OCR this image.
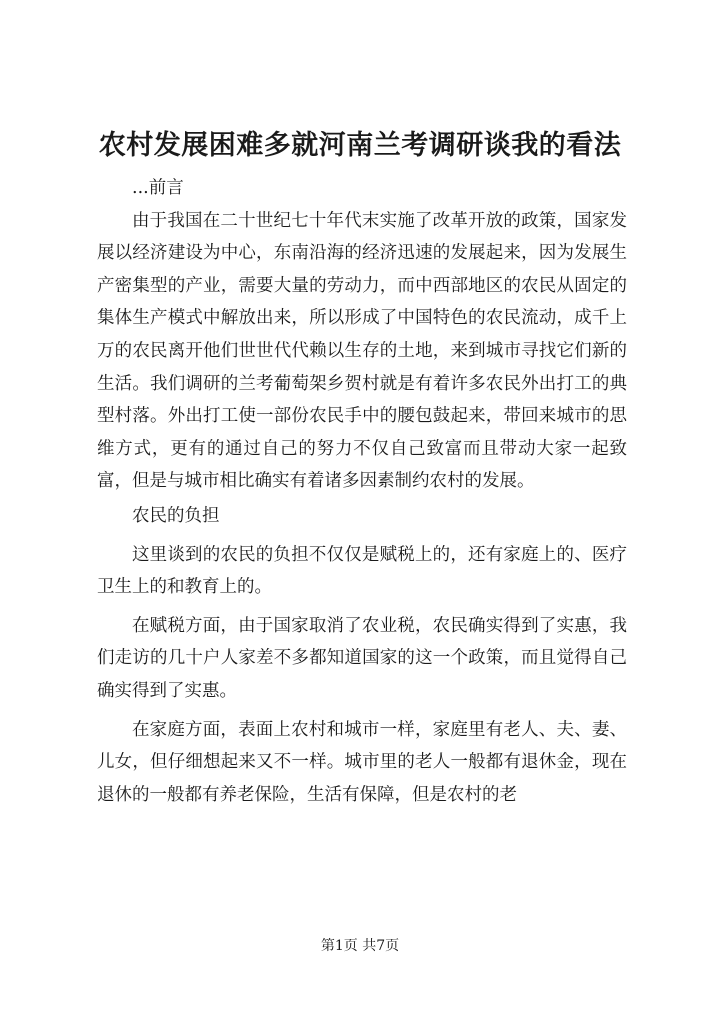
农村发展困难多就河南兰考调研谈我的看法

...前言

由于我国在二十世纪七十年代末实施了改革开放的政策，国家发展以经济建设为中心，东南沿海的经济迅速的发展起来，因为发展生产密集型的产业，需要大量的劳动力，而中西部地区的农民从固定的集体生产模式中解放出来，所以形成了中国特色的农民流动，成千上万的农民离开他们世世代代赖以生存的土地，来到城市寻找它们新的生活。我们调研的兰考葡萄架乡贺村就是有着许多农民外出打工的典型村落。外出打工使一部份农民手中的腰包鼓起来，带回来城市的思维方式，更有的通过自己的努力不仅自己致富而且带动大家一起致富，但是与城市相比确实有着诸多因素制约农村的发展。

农民的负担

这里谈到的农民的负担不仅仅是赋税上的，还有家庭上的、医疗卫生上的和教育上的。

在赋税方面，由于国家取消了农业税，农民确实得到了实惠，我们走访的几十户人家差不多都知道国家的这一个政策，而且觉得自己确实得到了实惠。

在家庭方面，表面上农村和城市一样，家庭里有老人、夫、妻、儿女，但仔细想起来又不一样。城市里的老人一般都有退休金，现在退休的一般都有养老保险，生活有保障，但是农村的老

第1页 共7页
